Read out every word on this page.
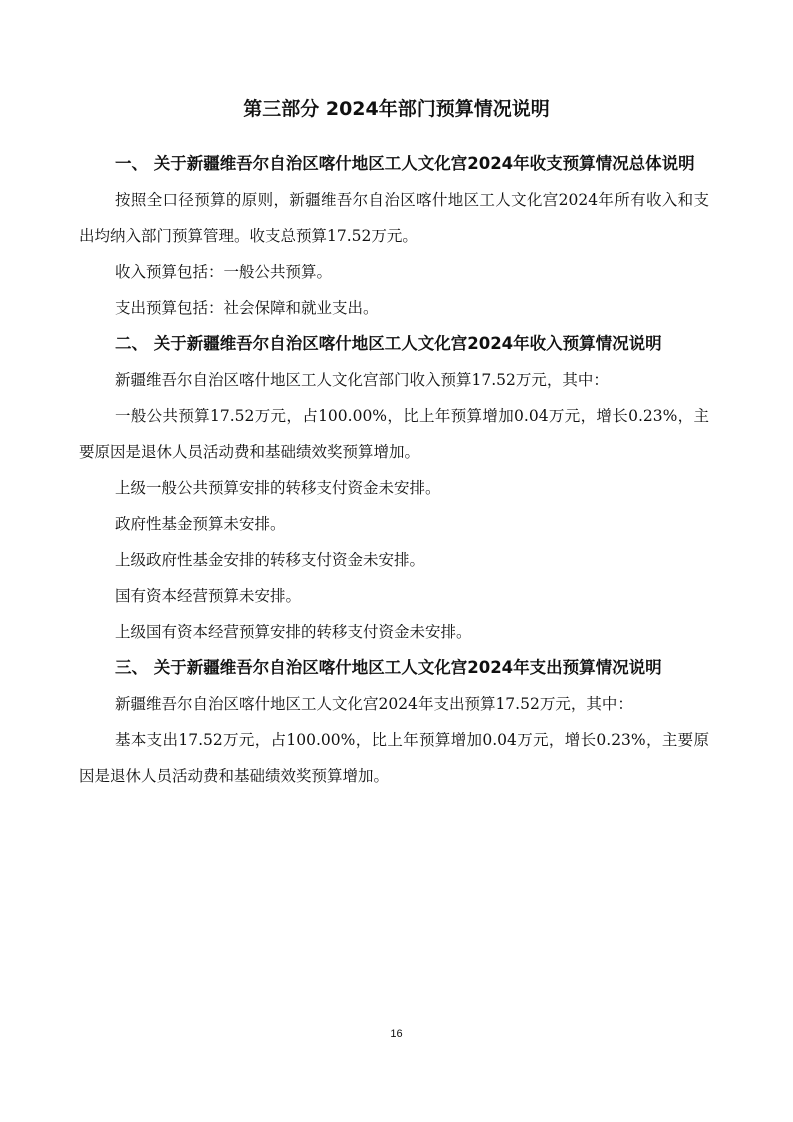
第三部分 2024年部门预算情况说明

一、 关于新疆维吾尔自治区喀什地区工人文化宫2024年收支预算情况总体说明

按照全口径预算的原则，新疆维吾尔自治区喀什地区工人文化宫2024年所有收入和支出均纳入部门预算管理。收支总预算17.52万元。

收入预算包括：一般公共预算。

支出预算包括：社会保障和就业支出。

二、 关于新疆维吾尔自治区喀什地区工人文化宫2024年收入预算情况说明

新疆维吾尔自治区喀什地区工人文化宫部门收入预算17.52万元，其中：

一般公共预算17.52万元，占100.00%，比上年预算增加0.04万元，增长0.23%，主要原因是退休人员活动费和基础绩效奖预算增加。

上级一般公共预算安排的转移支付资金未安排。

政府性基金预算未安排。

上级政府性基金安排的转移支付资金未安排。

国有资本经营预算未安排。

上级国有资本经营预算安排的转移支付资金未安排。

三、 关于新疆维吾尔自治区喀什地区工人文化宫2024年支出预算情况说明

新疆维吾尔自治区喀什地区工人文化宫2024年支出预算17.52万元，其中：

基本支出17.52万元，占100.00%，比上年预算增加0.04万元，增长0.23%，主要原因是退休人员活动费和基础绩效奖预算增加。

16
